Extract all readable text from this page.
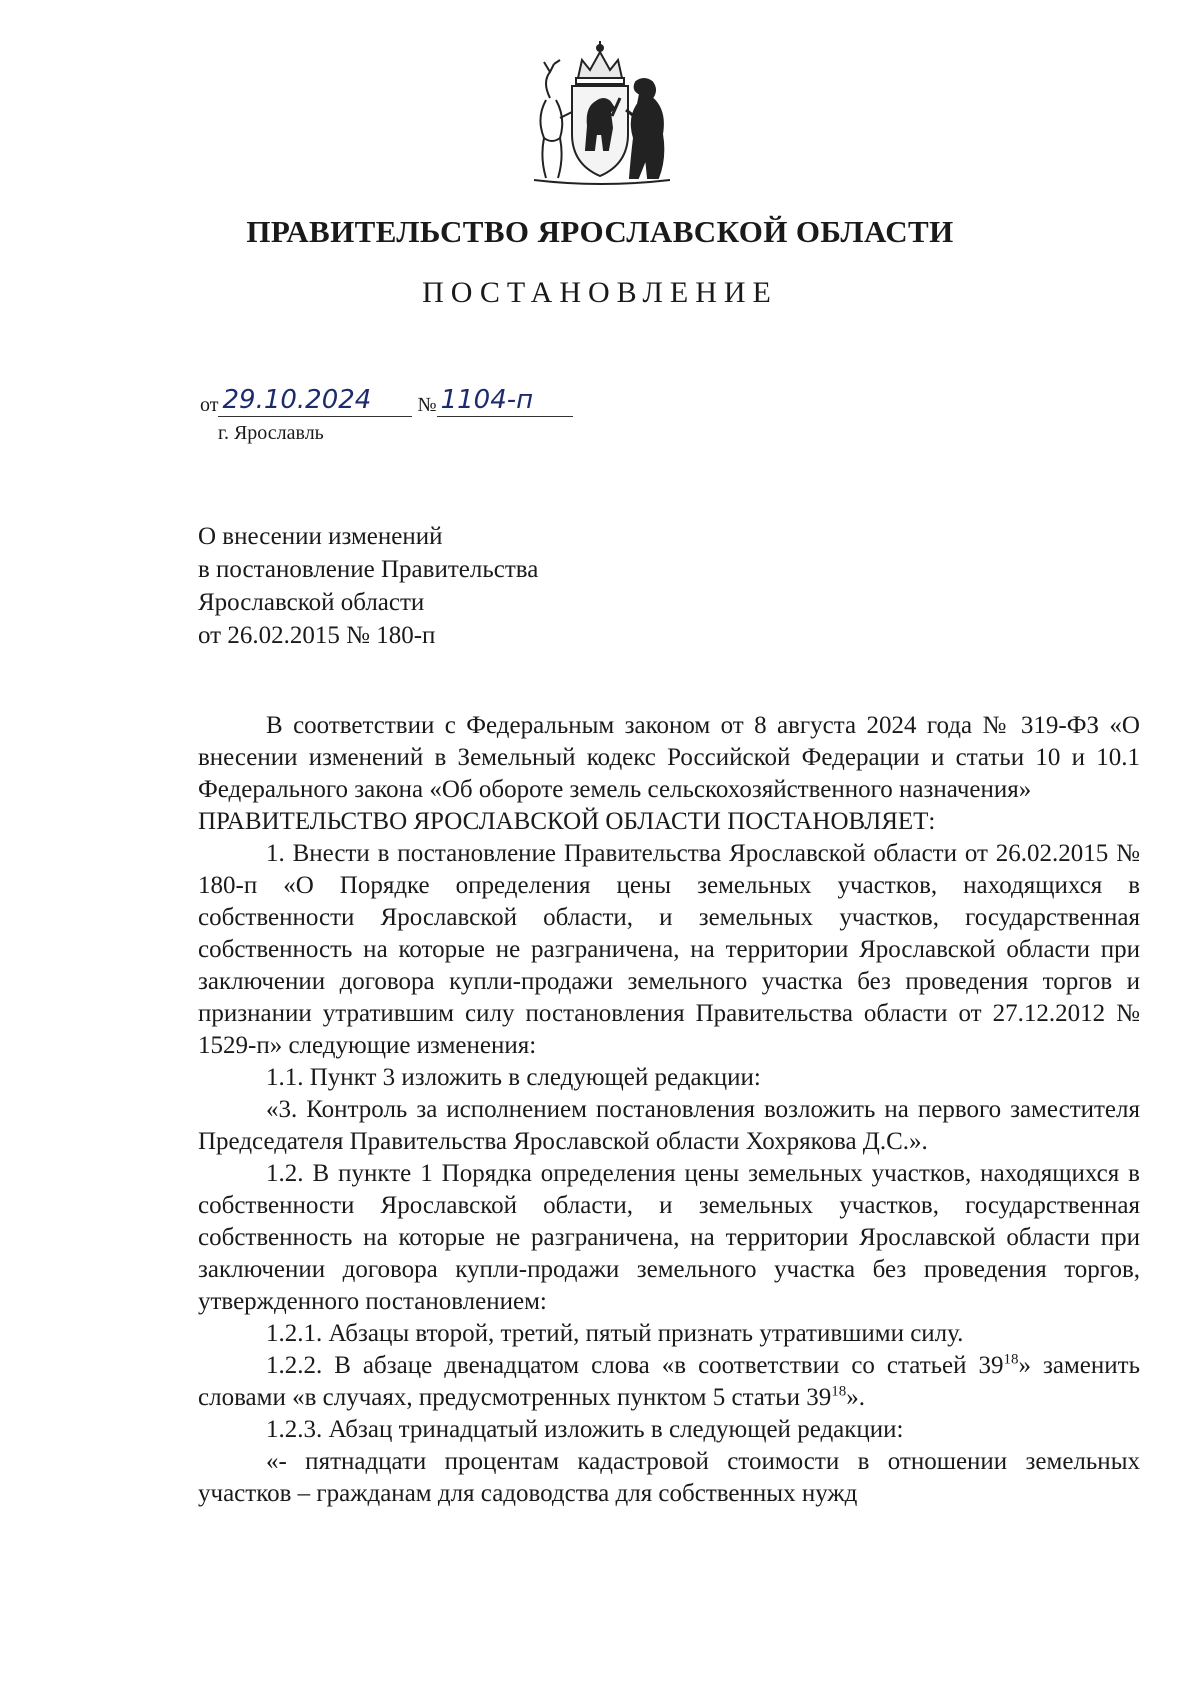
ПРАВИТЕЛЬСТВО ЯРОСЛАВСКОЙ ОБЛАСТИ
ПОСТАНОВЛЕНИЕ
от 29.10.2024 № 1104-п
г. Ярославль
О внесении изменений
в постановление Правительства
Ярославской области
от 26.02.2015 № 180-п

В соответствии с Федеральным законом от 8 августа 2024 года № 319-ФЗ «О внесении изменений в Земельный кодекс Российской Федерации и статьи 10 и 10.1 Федерального закона «Об обороте земель сельскохозяйственного назначения»

ПРАВИТЕЛЬСТВО ЯРОСЛАВСКОЙ ОБЛАСТИ ПОСТАНОВЛЯЕТ:

1. Внести в постановление Правительства Ярославской области от 26.02.2015 № 180-п «О Порядке определения цены земельных участков, находящихся в собственности Ярославской области, и земельных участков, государственная собственность на которые не разграничена, на территории Ярославской области при заключении договора купли-продажи земельного участка без проведения торгов и признании утратившим силу постановления Правительства области от 27.12.2012 № 1529-п» следующие изменения:

1.1. Пункт 3 изложить в следующей редакции:

«3. Контроль за исполнением постановления возложить на первого заместителя Председателя Правительства Ярославской области Хохрякова Д.С.».

1.2. В пункте 1 Порядка определения цены земельных участков, находящихся в собственности Ярославской области, и земельных участков, государственная собственность на которые не разграничена, на территории Ярославской области при заключении договора купли-продажи земельного участка без проведения торгов, утвержденного постановлением:

1.2.1. Абзацы второй, третий, пятый признать утратившими силу.

1.2.2. В абзаце двенадцатом слова «в соответствии со статьей $39^{18}$» заменить словами «в случаях, предусмотренных пунктом 5 статьи $39^{18}$».

1.2.3. Абзац тринадцатый изложить в следующей редакции:

«- пятнадцати процентам кадастровой стоимости в отношении земельных участков – гражданам для садоводства для собственных нужд
